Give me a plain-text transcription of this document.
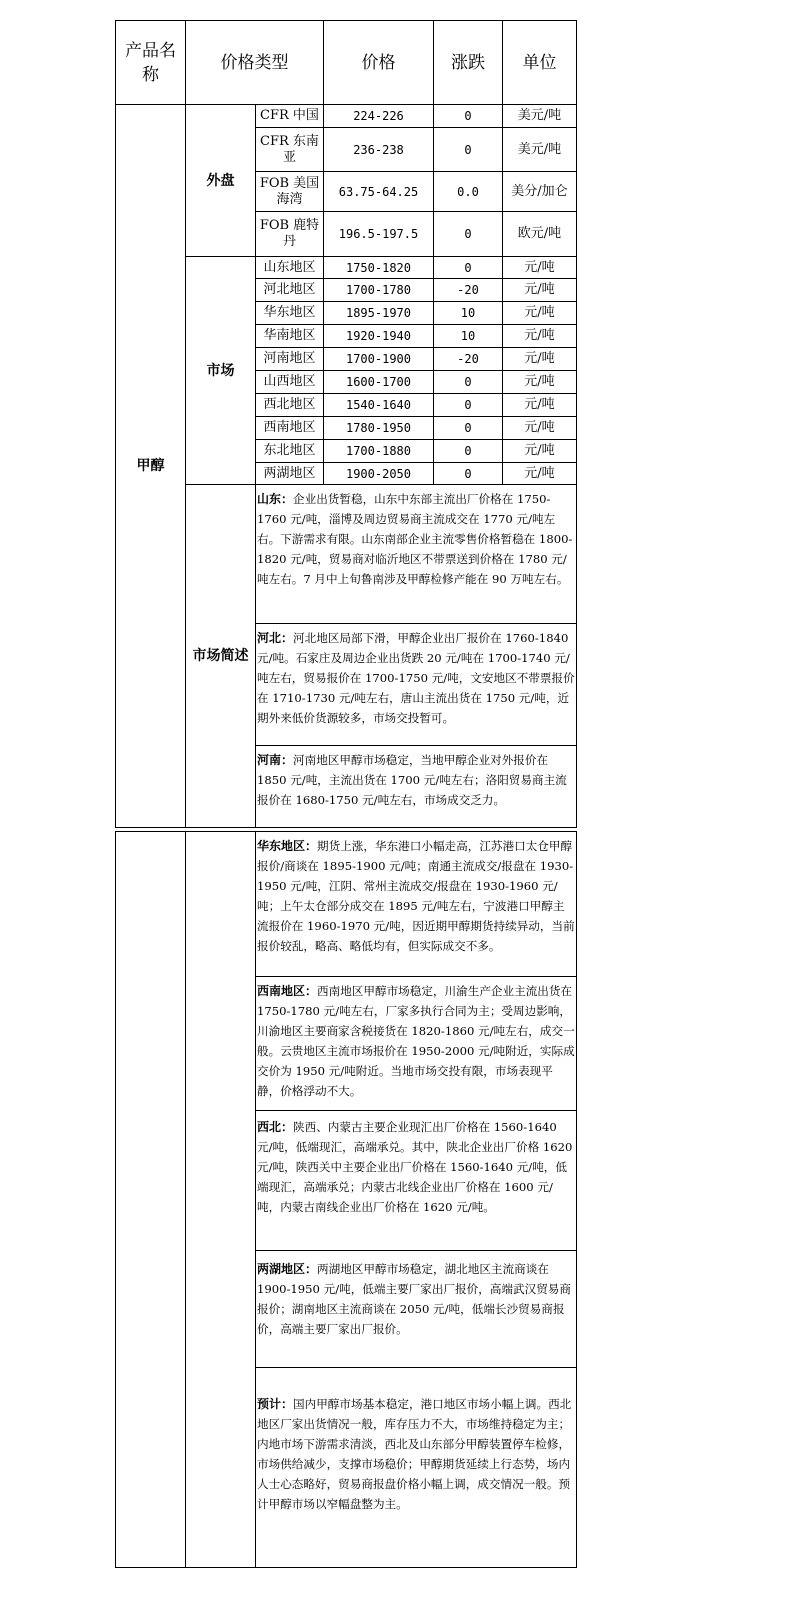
产品名称	价格类型		价格	涨跌	单位
甲醇	外盘	CFR 中国	224-226	0	美元/吨
		CFR 东南亚	236-238	0	美元/吨
		FOB 美国海湾	63.75-64.25	0.0	美分/加仑
		FOB 鹿特丹	196.5-197.5	0	欧元/吨
	市场	山东地区	1750-1820	0	元/吨
		河北地区	1700-1780	-20	元/吨
		华东地区	1895-1970	10	元/吨
		华南地区	1920-1940	10	元/吨
		河南地区	1700-1900	-20	元/吨
		山西地区	1600-1700	0	元/吨
		西北地区	1540-1640	0	元/吨
		西南地区	1780-1950	0	元/吨
		东北地区	1700-1880	0	元/吨
		两湖地区	1900-2050	0	元/吨
	市场简述	山东：企业出货暂稳，山东中东部主流出厂价格在 1750-1760 元/吨，淄博及周边贸易商主流成交在 1770 元/吨左右。下游需求有限。山东南部企业主流零售价格暂稳在 1800-1820 元/吨，贸易商对临沂地区不带票送到价格在 1780 元/吨左右。7 月中上旬鲁南涉及甲醇检修产能在 90 万吨左右。			
		河北：河北地区局部下滑，甲醇企业出厂报价在 1760-1840 元/吨。石家庄及周边企业出货跌 20 元/吨在 1700-1740 元/吨左右，贸易报价在 1700-1750 元/吨，文安地区不带票报价在 1710-1730 元/吨左右，唐山主流出货在 1750 元/吨，近期外来低价货源较多，市场交投暂可。			
		河南：河南地区甲醇市场稳定，当地甲醇企业对外报价在 1850 元/吨，主流出货在 1700 元/吨左右；洛阳贸易商主流报价在 1680-1750 元/吨左右，市场成交乏力。			
		华东地区：期货上涨，华东港口小幅走高，江苏港口太仓甲醇报价/商谈在 1895-1900 元/吨；南通主流成交/报盘在 1930-1950 元/吨，江阴、常州主流成交/报盘在 1930-1960 元/吨；上午太仓部分成交在 1895 元/吨左右，宁波港口甲醇主流报价在 1960-1970 元/吨，因近期甲醇期货持续异动，当前报价较乱，略高、略低均有，但实际成交不多。
西南地区：西南地区甲醇市场稳定，川渝生产企业主流出货在 1750-1780 元/吨左右，厂家多执行合同为主；受周边影响，川渝地区主要商家含税接货在 1820-1860 元/吨左右，成交一般。云贵地区主流市场报价在 1950-2000 元/吨附近，实际成交价为 1950 元/吨附近。当地市场交投有限，市场表现平静，价格浮动不大。
西北：陕西、内蒙古主要企业现汇出厂价格在 1560-1640 元/吨，低端现汇，高端承兑。其中，陕北企业出厂价格 1620 元/吨，陕西关中主要企业出厂价格在 1560-1640 元/吨，低端现汇，高端承兑；内蒙古北线企业出厂价格在 1600 元/吨，内蒙古南线企业出厂价格在 1620 元/吨。
两湖地区：两湖地区甲醇市场稳定，湖北地区主流商谈在 1900-1950 元/吨，低端主要厂家出厂报价，高端武汉贸易商报价；湖南地区主流商谈在 2050 元/吨，低端长沙贸易商报价，高端主要厂家出厂报价。
预计：国内甲醇市场基本稳定，港口地区市场小幅上调。西北地区厂家出货情况一般，库存压力不大，市场维持稳定为主；内地市场下游需求清淡，西北及山东部分甲醇装置停车检修，市场供给减少，支撑市场稳价；甲醇期货延续上行态势，场内人士心态略好，贸易商报盘价格小幅上调，成交情况一般。预计甲醇市场以窄幅盘整为主。
